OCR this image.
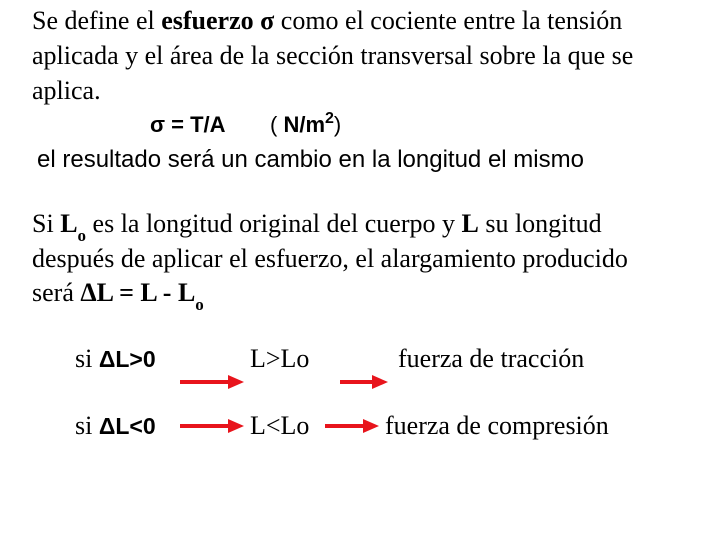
Se define el esfuerzo σ como el cociente entre la tensión
aplicada y el área de la sección transversal sobre la que se
aplica.
σ = T/A ( $N/m^2$)
el resultado será un cambio en la longitud el mismo
Si $L_o$ es la longitud original del cuerpo y L su longitud
después de aplicar el esfuerzo, el alargamiento producido
será $\Delta L = L - L_o$
si ΔL>0	L>Lo	fuerza de tracción
si ΔL<0	L<Lo	fuerza de compresión
